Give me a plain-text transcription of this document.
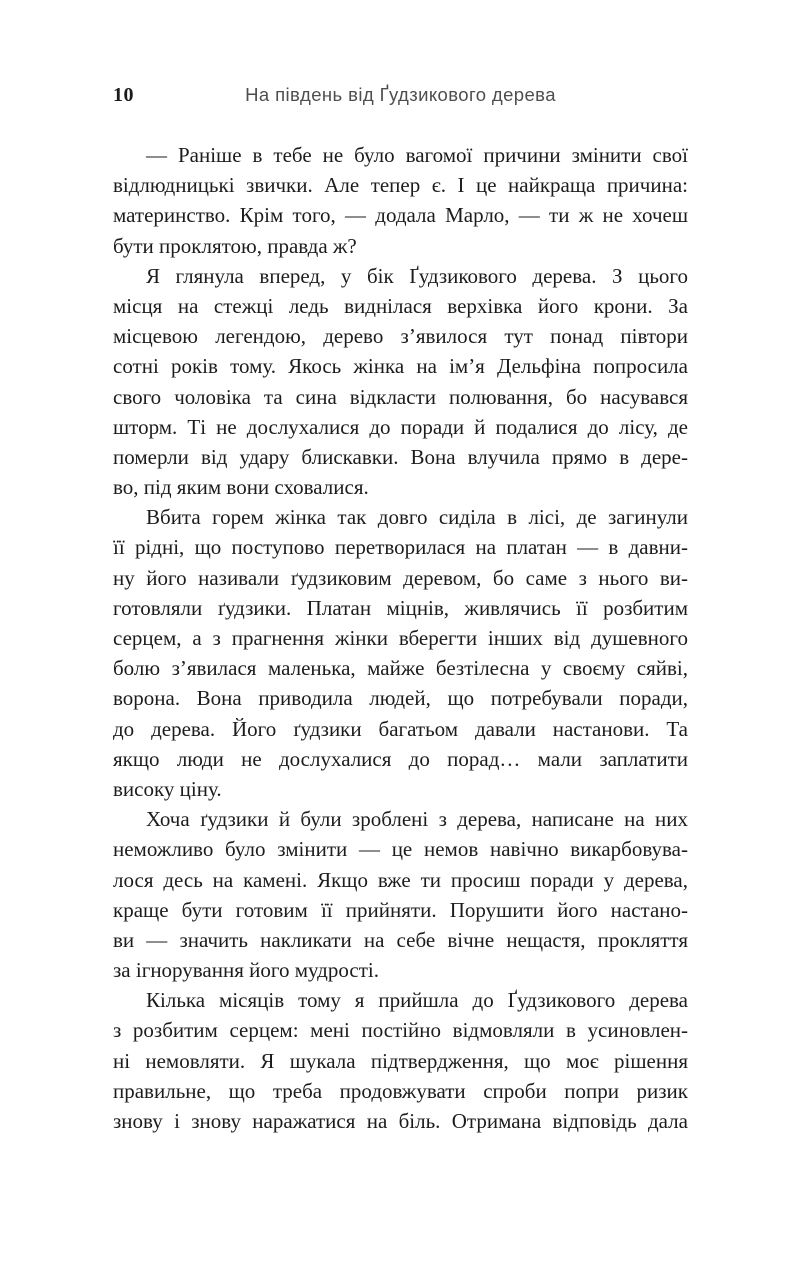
10	На південь від Ґудзикового дерева
— Раніше в тебе не було вагомої причини змінити свої
відлюдницькі звички. Але тепер є. І це найкраща причина:
материнство. Крім того, — додала Марло, — ти ж не хочеш
бути проклятою, правда ж?
Я глянула вперед, у бік Ґудзикового дерева. З цього
місця на стежці ледь виднілася верхівка його крони. За
місцевою легендою, дерево з’явилося тут понад півтори
сотні років тому. Якось жінка на ім’я Дельфіна попросила
свого чоловіка та сина відкласти полювання, бо насувався
шторм. Ті не дослухалися до поради й подалися до лісу, де
померли від удару блискавки. Вона влучила прямо в дере-
во, під яким вони сховалися.
Вбита горем жінка так довго сиділа в лісі, де загинули
її рідні, що поступово перетворилася на платан — в давни-
ну його називали ґудзиковим деревом, бо саме з нього ви-
готовляли ґудзики. Платан міцнів, живлячись її розбитим
серцем, а з прагнення жінки вберегти інших від душевного
болю з’явилася маленька, майже безтілесна у своєму сяйві,
ворона. Вона приводила людей, що потребували поради,
до дерева. Його ґудзики багатьом давали настанови. Та
якщо люди не дослухалися до порад… мали заплатити
високу ціну.
Хоча ґудзики й були зроблені з дерева, написане на них
неможливо було змінити — це немов навічно викарбовува-
лося десь на камені. Якщо вже ти просиш поради у дерева,
краще бути готовим її прийняти. Порушити його настано-
ви — значить накликати на себе вічне нещастя, прокляття
за ігнорування його мудрості.
Кілька місяців тому я прийшла до Ґудзикового дерева
з розбитим серцем: мені постійно відмовляли в усиновлен-
ні немовляти. Я шукала підтвердження, що моє рішення
правильне, що треба продовжувати спроби попри ризик
знову і знову наражатися на біль. Отримана відповідь дала
